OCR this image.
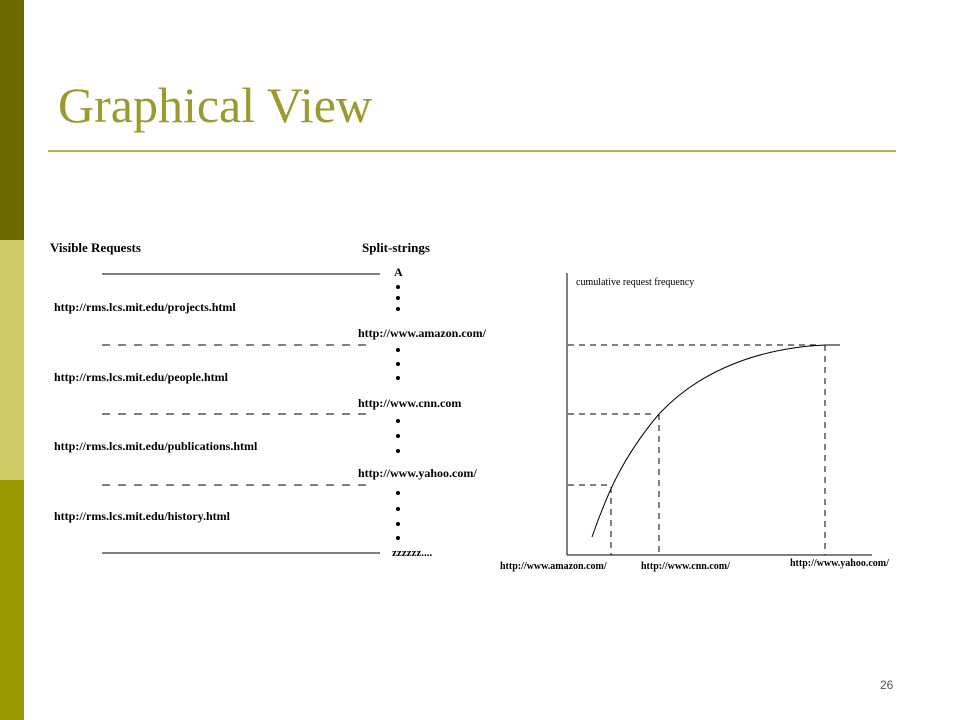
Graphical View
Visible Requests	Split-strings
A
http://rms.lcs.mit.edu/projects.html
http://www.amazon.com/
http://rms.lcs.mit.edu/people.html
http://www.cnn.com
http://rms.lcs.mit.edu/publications.html
http://www.yahoo.com/
http://rms.lcs.mit.edu/history.html
zzzzzz....
cumulative request frequency
http://www.amazon.com/	http://www.cnn.com/	http://www.yahoo.com/
26
